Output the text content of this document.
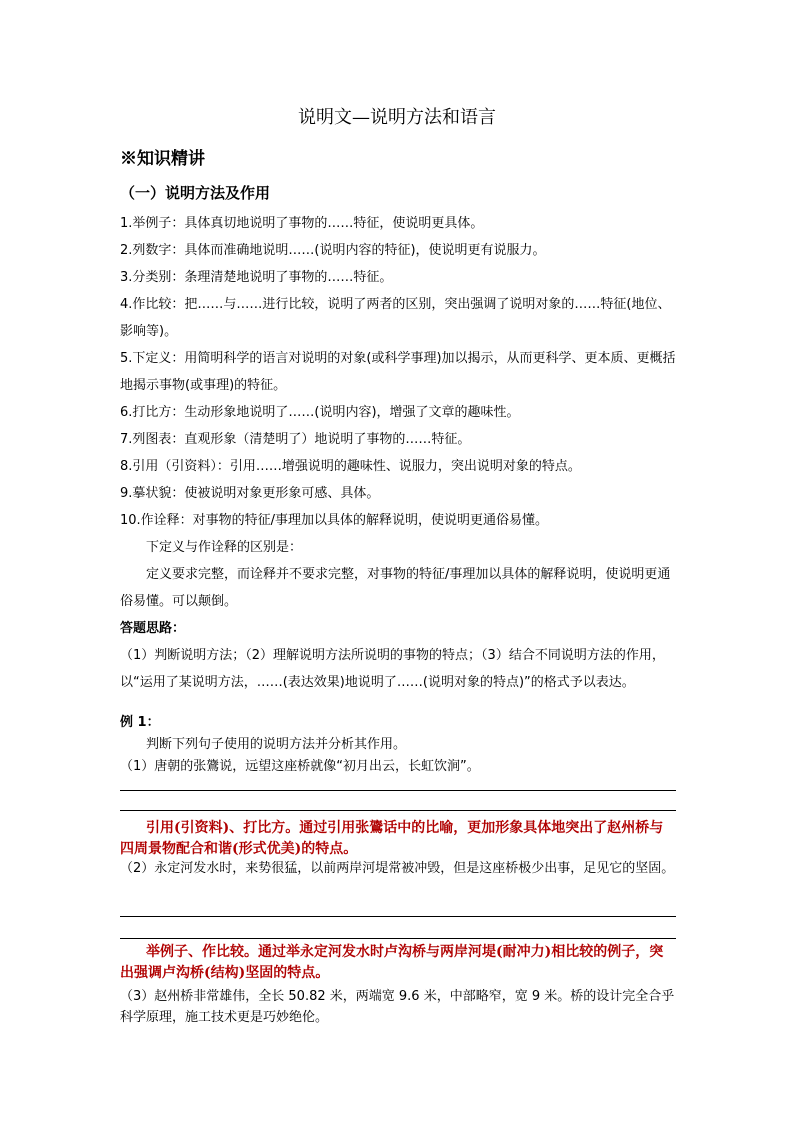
说明文—说明方法和语言
※知识精讲
（一）说明方法及作用

1.举例子：具体真切地说明了事物的……特征，使说明更具体。

2.列数字：具体而准确地说明……(说明内容的特征)，使说明更有说服力。

3.分类别：条理清楚地说明了事物的……特征。

4.作比较：把……与……进行比较，说明了两者的区别，突出强调了说明对象的……特征(地位、影响等)。

5.下定义：用简明科学的语言对说明的对象(或科学事理)加以揭示，从而更科学、更本质、更概括地揭示事物(或事理)的特征。

6.打比方：生动形象地说明了……(说明内容)，增强了文章的趣味性。

7.列图表：直观形象（清楚明了）地说明了事物的……特征。

8.引用（引资料）：引用……增强说明的趣味性、说服力，突出说明对象的特点。

9.摹状貌：使被说明对象更形象可感、具体。

10.作诠释：对事物的特征/事理加以具体的解释说明，使说明更通俗易懂。

下定义与作诠释的区别是：

定义要求完整，而诠释并不要求完整，对事物的特征/事理加以具体的解释说明，使说明更通俗易懂。可以颠倒。

答题思路：

（1）判断说明方法；（2）理解说明方法所说明的事物的特点；（3）结合不同说明方法的作用，以“运用了某说明方法，……(表达效果)地说明了……(说明对象的特点)”的格式予以表达。

例 1：

判断下列句子使用的说明方法并分析其作用。

（1）唐朝的张鷟说，远望这座桥就像“初月出云，长虹饮涧”。

引用(引资料)、打比方。通过引用张鷟话中的比喻，更加形象具体地突出了赵州桥与四周景物配合和谐(形式优美)的特点。

（2）永定河发水时，来势很猛，以前两岸河堤常被冲毁，但是这座桥极少出事，足见它的坚固。

举例子、作比较。通过举永定河发水时卢沟桥与两岸河堤(耐冲力)相比较的例子，突出强调卢沟桥(结构)坚固的特点。

（3）赵州桥非常雄伟，全长 50.82 米，两端宽 9.6 米，中部略窄，宽 9 米。桥的设计完全合乎科学原理，施工技术更是巧妙绝伦。
